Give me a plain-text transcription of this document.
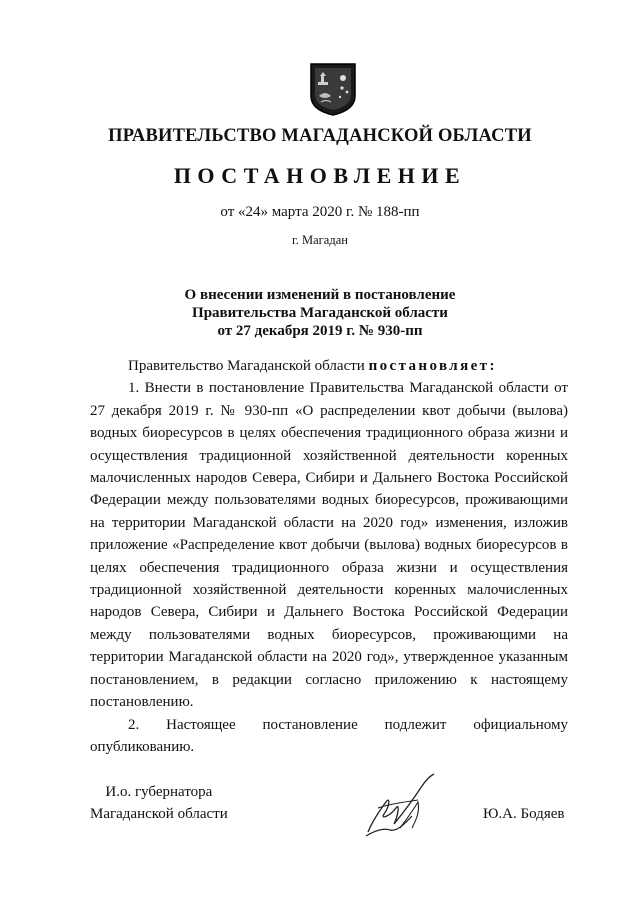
ПРАВИТЕЛЬСТВО МАГАДАНСКОЙ ОБЛАСТИ
ПОСТАНОВЛЕНИЕ
от «24» марта 2020 г. № 188-пп
г. Магадан
О внесении изменений в постановление
Правительства Магаданской области
от 27 декабря 2019 г. № 930-пп

Правительство Магаданской области постановляет:

1. Внести в постановление Правительства Магаданской области от 27 декабря 2019 г. № 930-пп «О распределении квот добычи (вылова) водных биоресурсов в целях обеспечения традиционного образа жизни и осуществления традиционной хозяйственной деятельности коренных малочисленных народов Севера, Сибири и Дальнего Востока Российской Федерации между пользователями водных биоресурсов, проживающими на территории Магаданской области на 2020 год» изменения, изложив приложение «Распределение квот добычи (вылова) водных биоресурсов в целях обеспечения традиционного образа жизни и осуществления традиционной хозяйственной деятельности коренных малочисленных народов Севера, Сибири и Дальнего Востока Российской Федерации между пользователями водных биоресурсов, проживающими на территории Магаданской области на 2020 год», утвержденное указанным постановлением, в редакции согласно приложению к настоящему постановлению.

2. Настоящее постановление подлежит официальному опубликованию.

И.о. губернатора
Магаданской области	Ю.А. Бодяев
